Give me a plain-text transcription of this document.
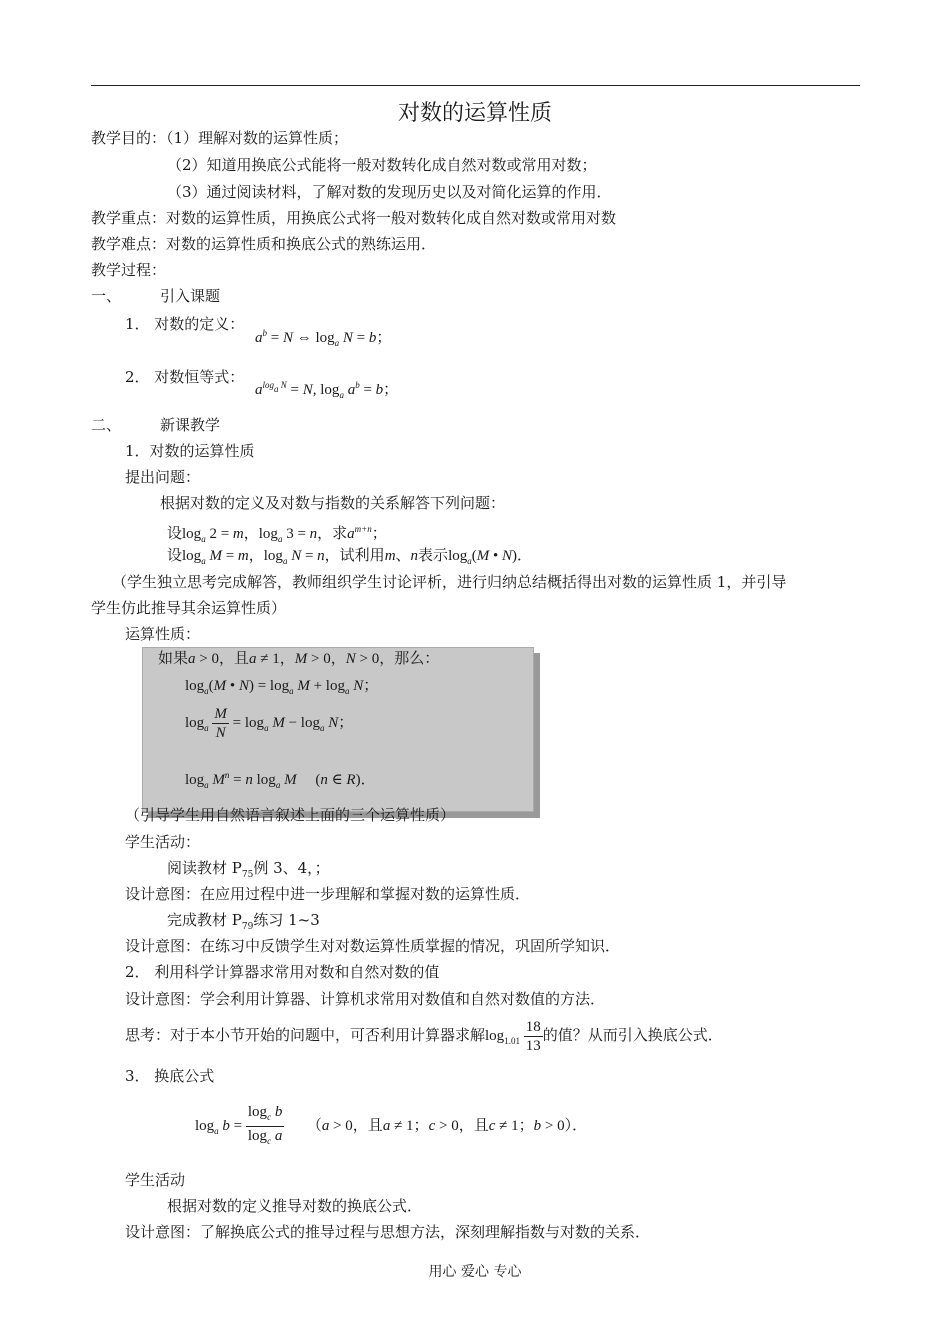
对数的运算性质
教学目的：（1）理解对数的运算性质；
（2）知道用换底公式能将一般对数转化成自然对数或常用对数；
（3）通过阅读材料，了解对数的发现历史以及对简化运算的作用．
教学重点：对数的运算性质，用换底公式将一般对数转化成自然对数或常用对数
教学难点：对数的运算性质和换底公式的熟练运用．
教学过程：
一、	引入课题
1． 对数的定义：
$a^b = N$ ⇔ $\log_a N = b$；
2． 对数恒等式：
$a^{log_a N} = N$, $\log_a a^b = b$；
二、	新课教学
1．对数的运算性质
提出问题：
根据对数的定义及对数与指数的关系解答下列问题：
设$\log_a 2 = m$，$\log_a 3 = n$，求$a^{m+n}$；
设$\log_a M = m$，$\log_a N = n$，试利用m、n表示$\log_a(M$ • N)．
（学生独立思考完成解答，教师组织学生讨论评析，进行归纳总结概括得出对数的运算性质 1，并引导
学生仿此推导其余运算性质）
运算性质：
如果a > 0，且a ≠ 1，M > 0，N > 0，那么：
$\log_a(M$ • $N) = \log_a M + \log_a N$；
$\log_a \frac{M}{N} = \log_a M - \log_a N$；
$\log_a M^n = n$ $\log_a M$     (n ∈ R)．
（引导学生用自然语言叙述上面的三个运算性质）
学生活动：
阅读教材 $P_{75}$例 3、4，；
设计意图：在应用过程中进一步理解和掌握对数的运算性质．
完成教材 $P_{79}$练习 1~3
设计意图：在练习中反馈学生对对数运算性质掌握的情况，巩固所学知识．
2． 利用科学计算器求常用对数和自然对数的值
设计意图：学会利用计算器、计算机求常用对数值和自然对数值的方法．
思考：对于本小节开始的问题中，可否利用计算器求解$\log_{1.01} \frac{18}{13}$ 的值？从而引入换底公式．
3． 换底公式
$\log_a b = \frac{\log_c b}{\log_c a} (a > 0$，且a ≠ 1；c > 0，且c ≠ 1；b > 0）．
学生活动
根据对数的定义推导对数的换底公式．
设计意图：了解换底公式的推导过程与思想方法，深刻理解指数与对数的关系．
用心 爱心 专心
